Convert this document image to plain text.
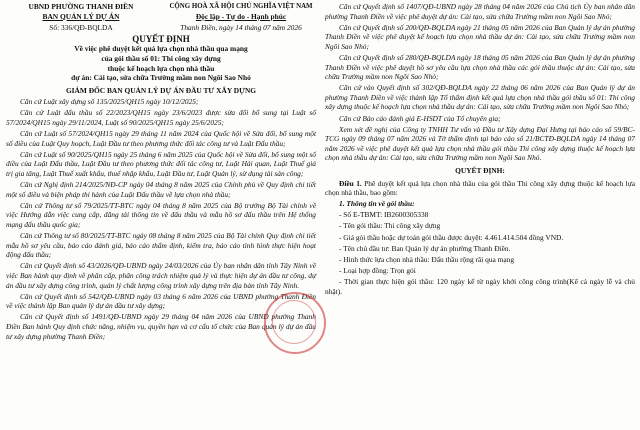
UBND PHƯỜNG THANH ĐIỀN
BAN QUẢN LÝ DỰ ÁN
Số: 336/QĐ-BQLDA
CỘNG HOÀ XÃ HỘI CHỦ NGHĨA VIỆT NAM
Độc lập - Tự do - Hạnh phúc
Thanh Điền, ngày 14 tháng 07 năm 2026
QUYẾT ĐỊNH
Về việc phê duyệt kết quả lựa chọn nhà thầu qua mạng
của gói thầu số 01: Thi công xây dựng
thuộc kế hoạch lựa chọn nhà thầu
dự án: Cải tạo, sửa chữa Trường mầm non Ngôi Sao Nhỏ
GIÁM ĐỐC BAN QUẢN LÝ DỰ ÁN ĐẦU TƯ XÂY DỰNG

Căn cứ Luật xây dựng số 135/2025/QH15 ngày 10/12/2025;

Căn cứ Luật đấu thầu số 22/2023/QH15 ngày 23/6/2023 được sửa đổi bổ sung tại Luật số 57/2024/QH15 ngày 29/11/2024, Luật số 90/2025/QH15 ngày 25/6/2025;

Căn cứ Luật số 57/2024/QH15 ngày 29 tháng 11 năm 2024 của Quốc hội về Sửa đổi, bổ sung một số điều của Luật Quy hoạch, Luật Đầu tư theo phương thức đối tác công tư và Luật Đấu thầu;

Căn cứ Luật số 90/2025/QH15 ngày 25 tháng 6 năm 2025 của Quốc hội về Sửa đổi, bổ sung một số điều của Luật Đấu thầu, Luật Đầu tư theo phương thức đối tác công tư, Luật Hải quan, Luật Thuế giá trị gia tăng, Luật Thuế xuất khẩu, thuế nhập khẩu, Luật Đầu tư, Luật Quản lý, sử dụng tài sản công;

Căn cứ Nghị định 214/2025/NĐ-CP ngày 04 tháng 8 năm 2025 của Chính phủ về Quy định chi tiết một số điều và biện pháp thi hành của Luật Đấu thầu về lựa chọn nhà thầu;

Căn cứ Thông tư số 79/2025/TT-BTC ngày 04 tháng 8 năm 2025 của Bộ trưởng Bộ Tài chính về việc Hướng dẫn việc cung cấp, đăng tải thông tin về đấu thầu và mẫu hồ sơ đấu thầu trên Hệ thống mạng đấu thầu quốc gia;

Căn cứ Thông tư số 80/2025/TT-BTC ngày 08 tháng 8 năm 2025 của Bộ Tài chính Quy định chi tiết mẫu hồ sơ yêu cầu, báo cáo đánh giá, báo cáo thẩm định, kiểm tra, báo cáo tình hình thực hiện hoạt động đấu thầu;

Căn cứ Quyết định số 43/2026/QĐ-UBND ngày 24/03/2026 của Ủy ban nhân dân tỉnh Tây Ninh về việc Ban hành quy định về phân cấp, phân công trách nhiệm quả lý và thực hiện dự án đầu tư công, dự án đầu tư xây dựng công trình, quản lý chất lượng công trình xây dựng trên địa bàn tỉnh Tây Ninh.

Căn cứ Quyết định số 542/QĐ-UBND ngày 03 tháng 6 năm 2026 của UBND phường Thanh Điền về việc thành lập Ban quản lý dự án đầu tư xây dựng;

Căn cứ Quyết định số 1491/QĐ-UBND ngày 29 tháng 04 năm 2026 của UBND phường Thanh Điền Ban hành Quy định chức năng, nhiệm vụ, quyền hạn và cơ cấu tổ chức của Ban quản lý dự án đầu tư xây dựng phường Thanh Điền;

Căn cứ Quyết định số 1407/QĐ-UBND ngày 28 tháng 04 năm 2026 của Chủ tịch Ủy ban nhân dân phường Thanh Điền về việc phê duyệt dự án: Cải tạo, sửa chữa Trường mầm non Ngôi Sao Nhỏ;

Căn cứ Quyết định số 200/QĐ-BQLDA ngày 21 tháng 05 năm 2026 của Ban Quản lý dự án phường Thanh Điền về việc phê duyệt kế hoạch lựa chọn nhà thầu dự án: Cải tạo, sửa chữa Trường mầm non Ngôi Sao Nhỏ;

Căn cứ Quyết định số 280/QĐ-BQLDA ngày 18 tháng 05 năm 2026 của Ban Quản lý dự án phường Thanh Điền về việc phê duyệt hồ sơ yêu cầu lựa chọn nhà thầu các gói thầu thuộc dự án: Cải tạo, sửa chữa Trường mầm non Ngôi Sao Nhỏ;

Căn cứ vào Quyết định số 302/QĐ-BQLDA ngày 22 tháng 06 năm 2026 của Ban Quản lý dự án phường Thanh Điền về việc thành lập Tổ thẩm định kết quả lựa chọn nhà thầu gói thầu số 01: Thi công xây dựng thuộc kế hoạch lựa chọn nhà thầu dự án: Cải tạo, sửa chữa Trường mầm non Ngôi Sao Nhỏ;

Căn cứ Báo cáo đánh giá E-HSDT của Tổ chuyên gia;

Xem xét đề nghị của Công ty TNHH Tư vấn và Đầu tư Xây dựng Đại Hưng tại báo cáo số 59/BC-TCG ngày 09 tháng 07 năm 2026 và Tờ thẩm định tại báo cáo số 21/BCTĐ-BQLDA ngày 14 tháng 07 năm 2026 về việc phê duyệt kết quả lựa chọn nhà thầu gói thầu Thi công xây dựng thuộc kế hoạch lựa chọn nhà thầu dự án: Cải tạo, sửa chữa Trường mầm non Ngôi Sao Nhỏ.

QUYẾT ĐỊNH:

Điều 1. Phê duyệt kết quả lựa chọn nhà thầu của gói thầu Thi công xây dựng thuộc kế hoạch lựa chọn nhà thầu, bao gồm:

1. Thông tin về gói thầu:

- Số E-TBMT: IB2600305338

- Tên gói thầu: Thi công xây dựng

- Giá gói thầu hoặc dự toán gói thầu được duyệt: 4.461.414.504 đồng VND.

- Tên chủ đầu tư: Ban Quản lý dự án phường Thanh Điền.

- Hình thức lựa chọn nhà thầu: Đấu thầu rộng rãi qua mạng

- Loại hợp đồng: Trọn gói

- Thời gian thực hiện gói thầu: 120 ngày kể từ ngày khởi công công trình(Kể cả ngày lễ và chủ nhật).
